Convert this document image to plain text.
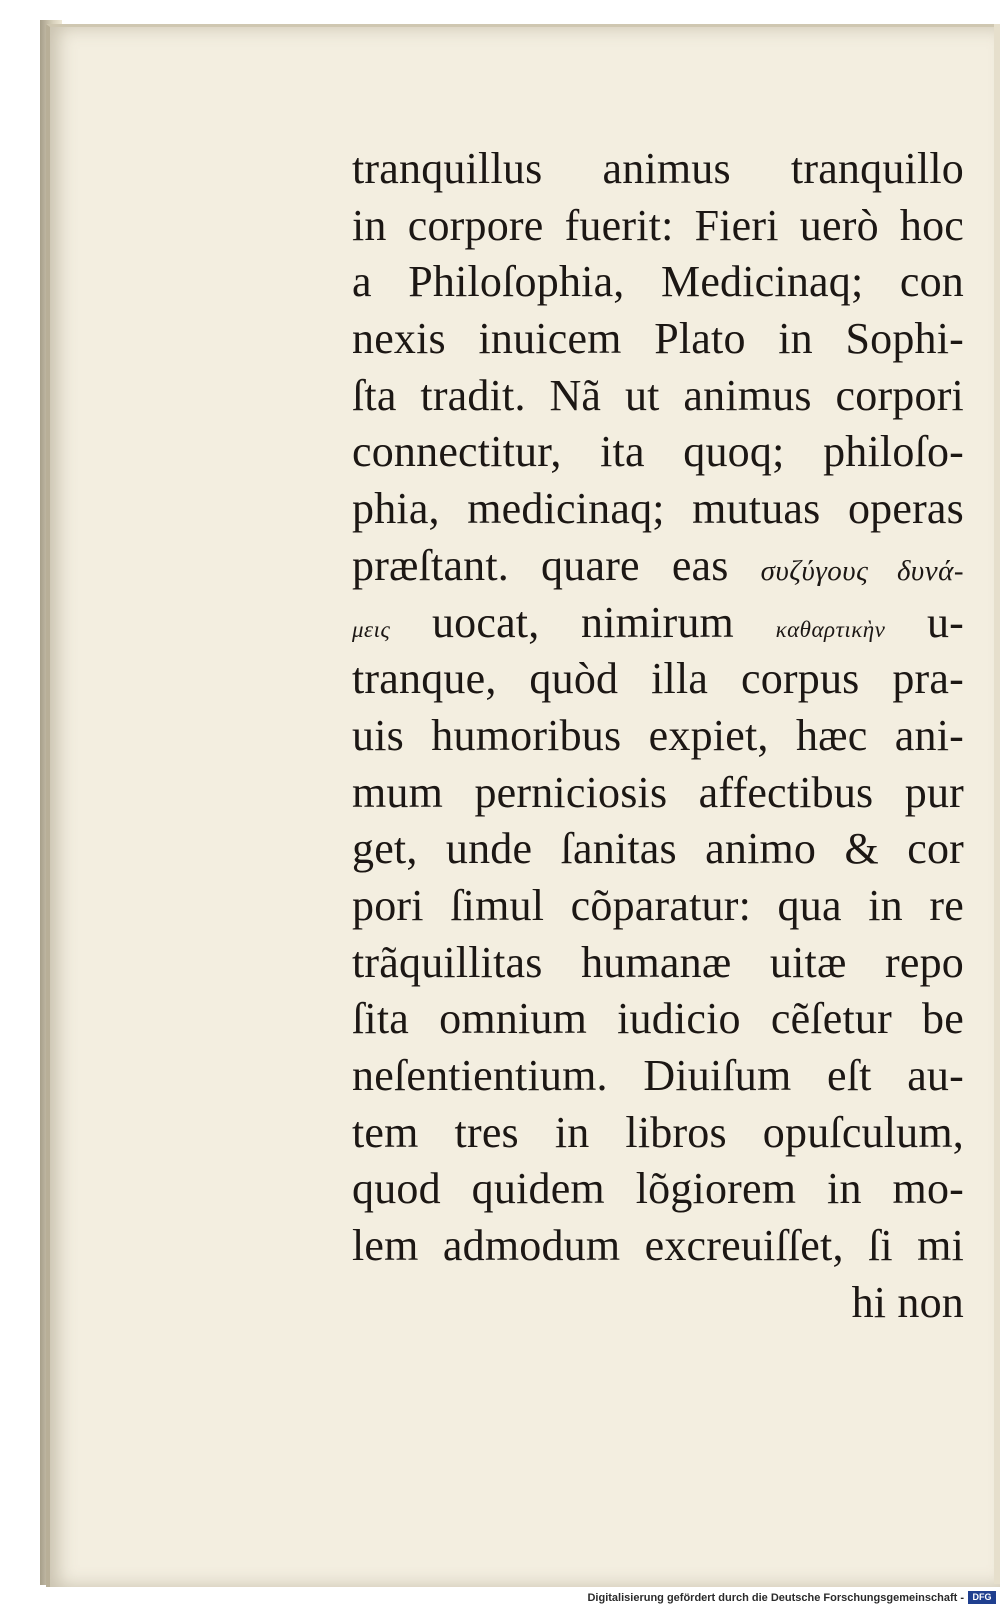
tranquillus animus tranquillo
in corpore fuerit: Fieri uerò hoc
a Philoſophia, Medicinaq; con
nexis inuicem Plato in Sophi-
ſta tradit. Nã ut animus corpori
connectitur, ita quoq; philoſo-
phia, medicinaq; mutuas operas
præſtant. quare eas συζύγους δυνά-
μεις uocat, nimirum καθαρτικὴν u-
tranque, quòd illa corpus pra-
uis humoribus expiet, hæc ani-
mum perniciosis affectibus pur
get, unde ſanitas animo & cor
pori ſimul cõparatur: qua in re
trãquillitas humanæ uitæ repo
ſita omnium iudicio cẽſetur be
neſentientium. Diuiſum eſt au-
tem tres in libros opuſculum,
quod quidem lõgiorem in mo-
lem admodum excreuiſſet, ſi mi
hi non
Digitalisierung gefördert durch die Deutsche Forschungsgemeinschaft - DFG
